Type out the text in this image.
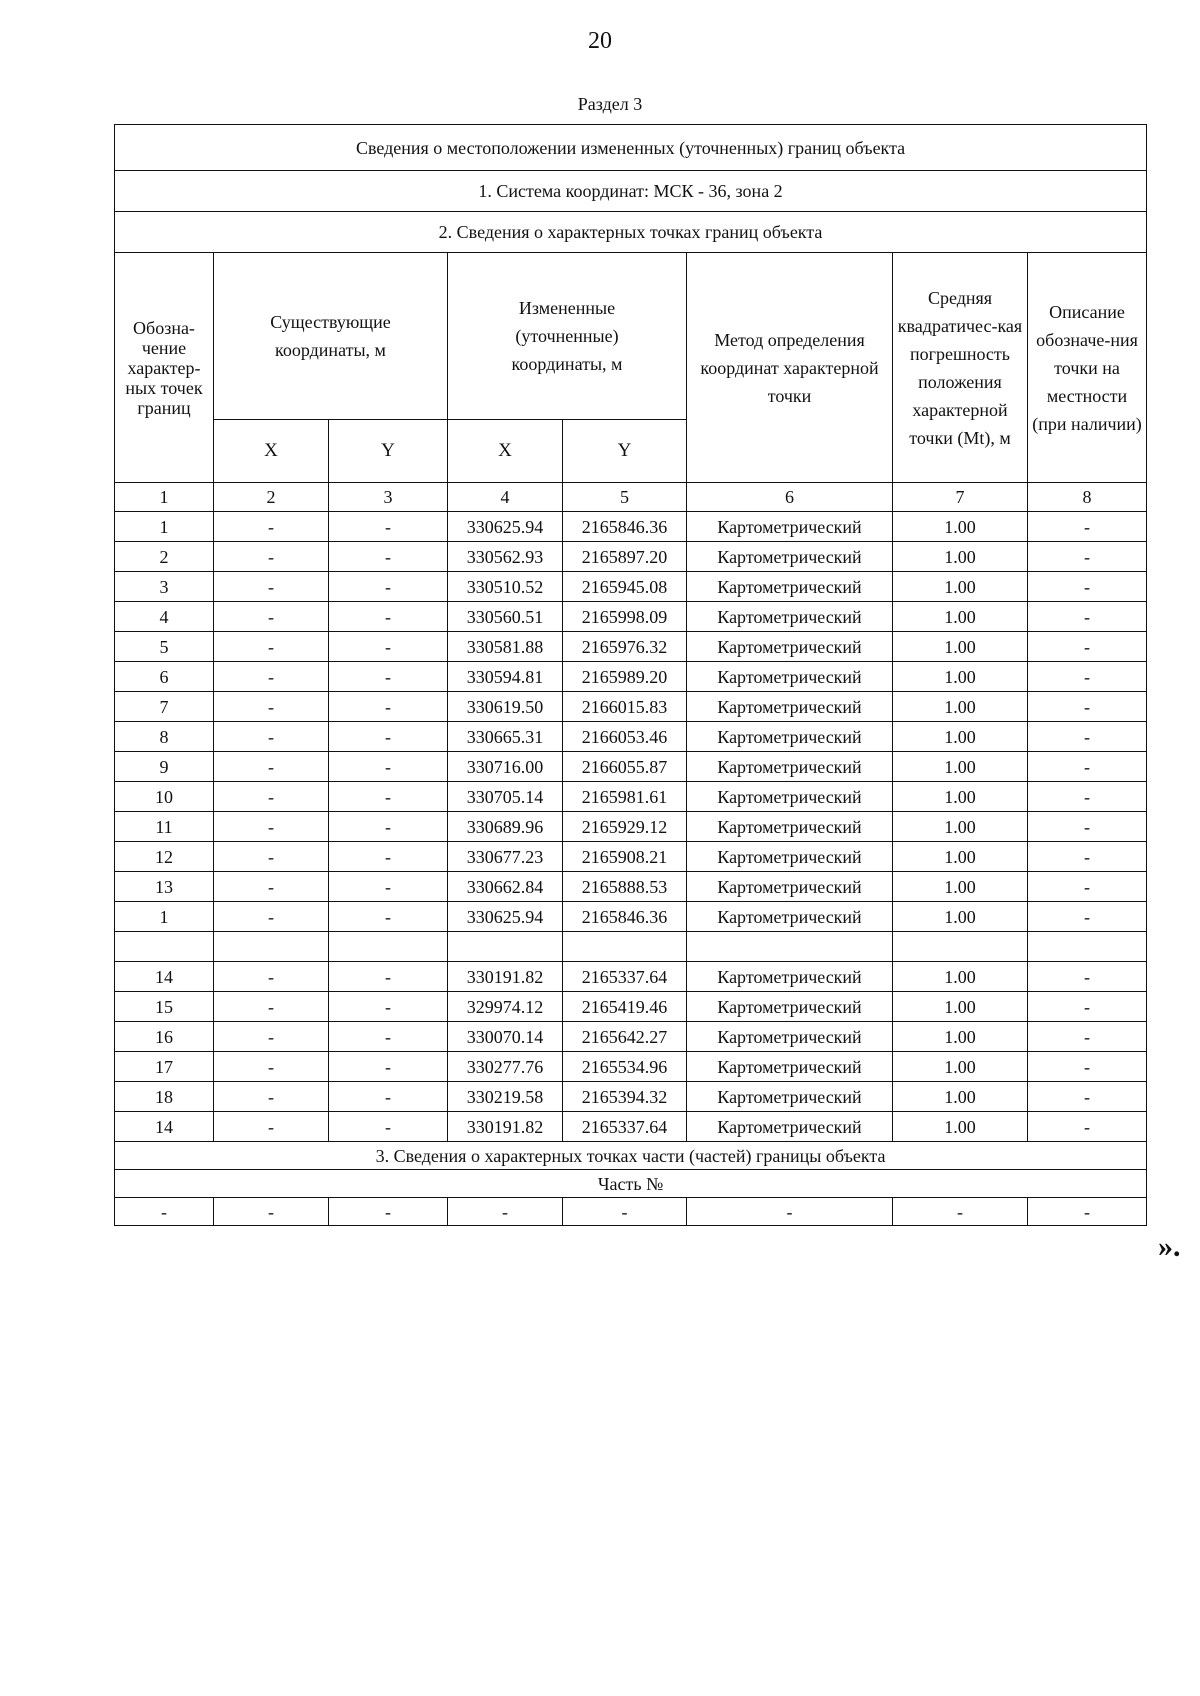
20
Раздел 3
Сведения о местоположении измененных (уточненных) границ объекта							
1. Система координат: МСК - 36, зона 2							
2. Сведения о характерных точках границ объекта							
Обозна-чение характер-ных точек границ	Существующие координаты, м		Измененные (уточненные) координаты, м		Метод определения координат характерной точки	Средняя квадратичес-кая погрешность положения характерной точки (Mt), м	Описание обозначе-ния точки на местности (при наличии)
	X	Y	X	Y			
1	2	3	4	5	6	7	8
1	-	-	330625.94	2165846.36	Картометрический	1.00	-
2	-	-	330562.93	2165897.20	Картометрический	1.00	-
3	-	-	330510.52	2165945.08	Картометрический	1.00	-
4	-	-	330560.51	2165998.09	Картометрический	1.00	-
5	-	-	330581.88	2165976.32	Картометрический	1.00	-
6	-	-	330594.81	2165989.20	Картометрический	1.00	-
7	-	-	330619.50	2166015.83	Картометрический	1.00	-
8	-	-	330665.31	2166053.46	Картометрический	1.00	-
9	-	-	330716.00	2166055.87	Картометрический	1.00	-
10	-	-	330705.14	2165981.61	Картометрический	1.00	-
11	-	-	330689.96	2165929.12	Картометрический	1.00	-
12	-	-	330677.23	2165908.21	Картометрический	1.00	-
13	-	-	330662.84	2165888.53	Картометрический	1.00	-
1	-	-	330625.94	2165846.36	Картометрический	1.00	-

14	-	-	330191.82	2165337.64	Картометрический	1.00	-
15	-	-	329974.12	2165419.46	Картометрический	1.00	-
16	-	-	330070.14	2165642.27	Картометрический	1.00	-
17	-	-	330277.76	2165534.96	Картометрический	1.00	-
18	-	-	330219.58	2165394.32	Картометрический	1.00	-
14	-	-	330191.82	2165337.64	Картометрический	1.00	-
3. Сведения о характерных точках части (частей) границы объекта							
Часть №							
-	-	-	-	-	-	-	-
».
